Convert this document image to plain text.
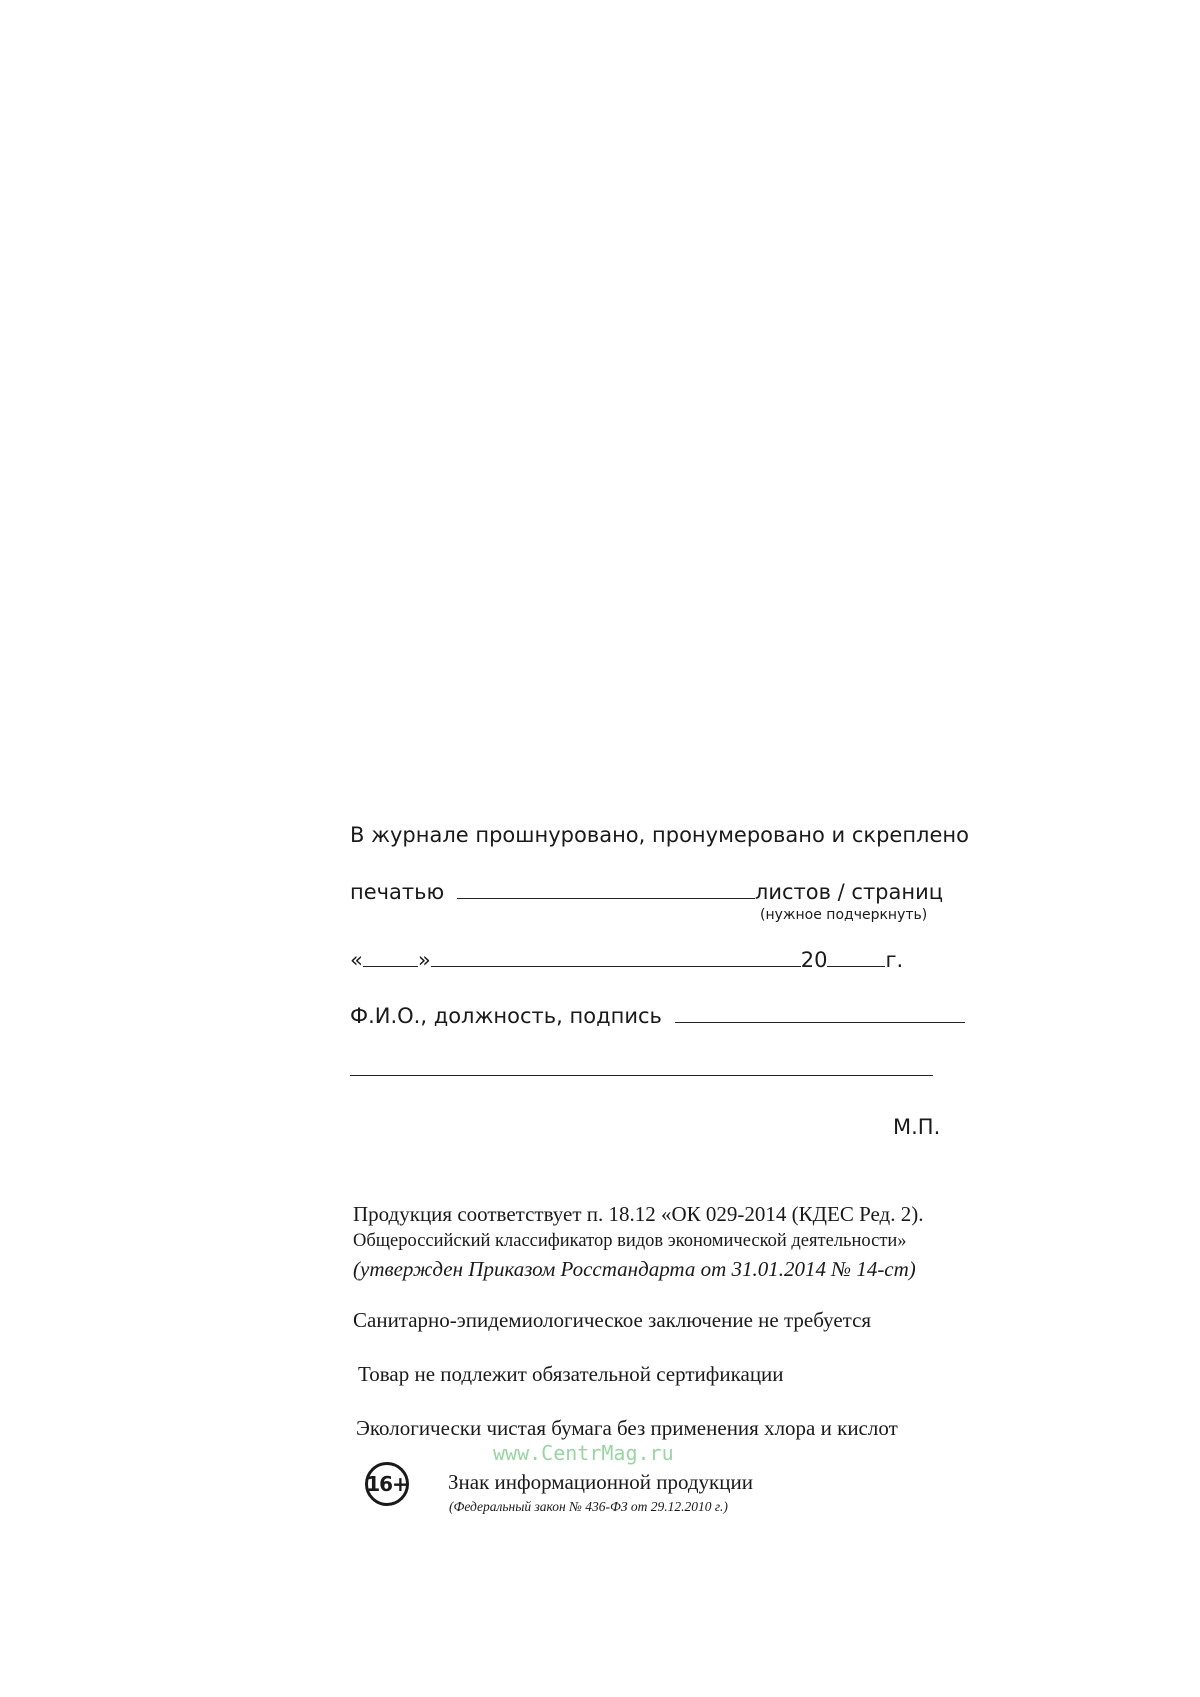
В журнале прошнуровано, пронумеровано и скреплено
печатью	листов / страниц
(нужное подчеркнуть)
«	»	20	г.
Ф.И.О., должность, подпись
М.П.
Продукция соответствует п. 18.12 «ОК 029-2014 (КДЕС Ред. 2).
Общероссийский классификатор видов экономической деятельности»
(утвержден Приказом Росстандарта от 31.01.2014 № 14-ст)
Санитарно-эпидемиологическое заключение не требуется
Товар не подлежит обязательной сертификации
Экологически чистая бумага без применения хлора и кислот
www.CentrMag.ru
16+ Знак информационной продукции
(Федеральный закон № 436-ФЗ от 29.12.2010 г.)
